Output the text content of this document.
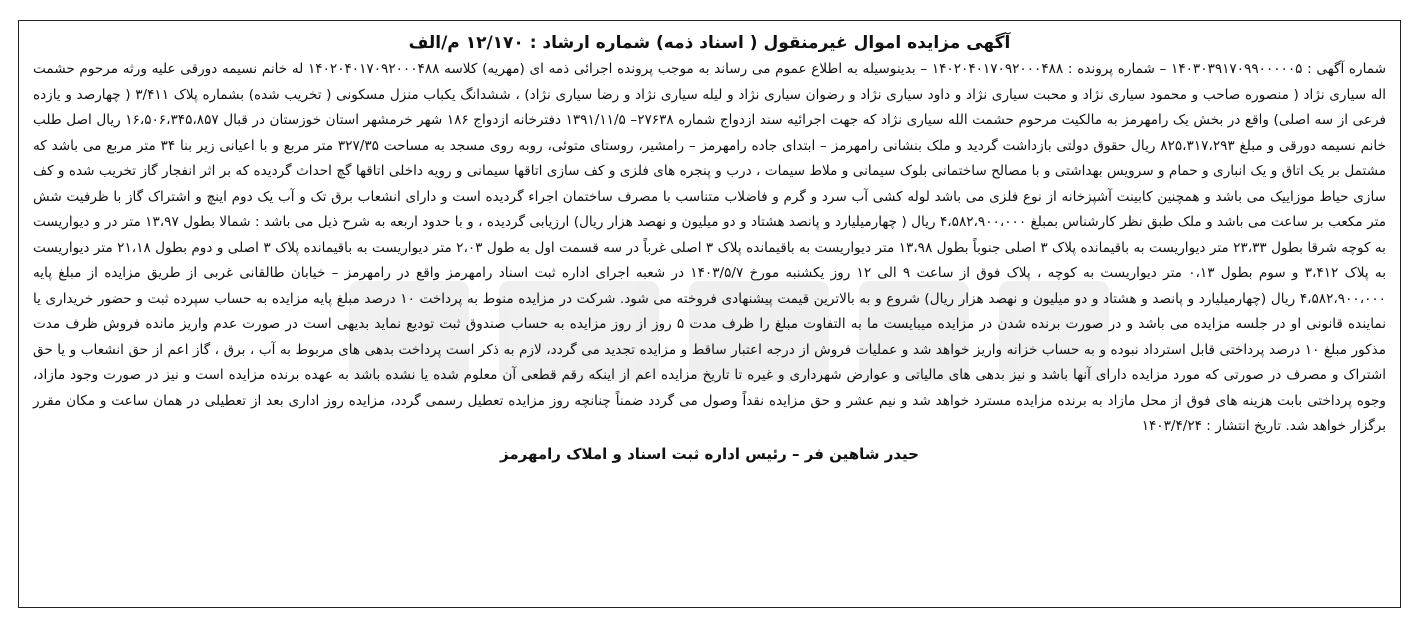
آگهی مزایده اموال غیرمنقول ( اسناد ذمه) شماره ارشاد : ۱۲/۱۷۰ م/الف

شماره آگهی : ۱۴۰۳۰۳۹۱۷۰۹۹۰۰۰۰۰۵ – شماره پرونده : ۱۴۰۲۰۴۰۱۷۰۹۲۰۰۰۴۸۸ – بدینوسیله به اطلاع عموم می رساند به موجب پرونده اجرائی ذمه ای (مهریه) کلاسه ۱۴۰۲۰۴۰۱۷۰۹۲۰۰۰۴۸۸ له خانم نسیمه دورقی علیه ورثه مرحوم حشمت اله سیاری نژاد ( منصوره صاحب و محمود سیاری نژاد و محبت سیاری نژاد و داود سیاری نژاد و رضوان سیاری نژاد و لیله سیاری نژاد و رضا سیاری نژاد) ، ششدانگ یکباب منزل مسکونی ( تخریب شده) بشماره پلاک ۳/۴۱۱ ( چهارصد و یازده فرعی از سه اصلی) واقع در بخش یک رامهرمز به مالکیت مرحوم حشمت الله سیاری نژاد که جهت اجرائیه سند ازدواج شماره ۲۷۶۳۸– ۱۳۹۱/۱۱/۵ دفترخانه ازدواج ۱۸۶ شهر خرمشهر استان خوزستان در قبال ۱۶،۵۰۶،۳۴۵،۸۵۷ ریال اصل طلب خانم نسیمه دورقی و مبلغ ۸۲۵،۳۱۷،۲۹۳ ریال حقوق دولتی بازداشت گردید و ملک بنشانی رامهرمز – ابتدای جاده رامهرمز – رامشیر، روستای متوئی، روبه روی مسجد به مساحت ۳۲۷/۳۵ متر مربع و با اعیانی زیر بنا ۳۴ متر مربع می باشد که مشتمل بر یک اتاق و یک انباری و حمام و سرویس بهداشتی و با مصالح ساختمانی بلوک سیمانی و ملاط سیمات ، درب و پنجره های فلزی و کف سازی اتاقها سیمانی و رویه داخلی اتاقها گچ احداث گردیده که بر اثر انفجار گاز تخریب شده و کف سازی حیاط موزاییک می باشد و همچنین کابینت آشپزخانه از نوع فلزی می باشد لوله کشی آب سرد و گرم و فاضلاب متناسب با مصرف ساختمان اجراء گردیده است و دارای انشعاب برق تک و آب یک دوم اینچ و اشتراک گاز با ظرفیت شش متر مکعب بر ساعت می باشد و ملک طبق نظر کارشناس بمبلغ ۴،۵۸۲،۹۰۰،۰۰۰ ریال ( چهارمیلیارد و پانصد هشتاد و دو میلیون و نهصد هزار ریال) ارزیابی گردیده ، و با حدود اربعه به شرح ذیل می باشد : شمالا بطول ۱۳،۹۷ متر در و دیواریست به کوچه شرقا بطول ۲۳،۳۳ متر دیواریست به باقیمانده پلاک ۳ اصلی جنوباً بطول ۱۳،۹۸ متر دیواریست به باقیمانده پلاک ۳ اصلی غرباً در سه قسمت اول به طول ۲،۰۳ متر دیواریست به باقیمانده پلاک ۳ اصلی و دوم بطول ۲۱،۱۸ متر دیواریست به پلاک ۳،۴۱۲ و سوم بطول ۰،۱۳ متر دیواریست به کوچه ، پلاک فوق از ساعت ۹ الی ۱۲ روز یکشنبه مورخ ۱۴۰۳/۵/۷ در شعبه اجرای اداره ثبت اسناد رامهرمز واقع در رامهرمز – خیابان طالقانی غربی از طریق مزایده از مبلغ پایه ۴،۵۸۲،۹۰۰،۰۰۰ ریال (چهارمیلیارد و پانصد و هشتاد و دو میلیون و نهصد هزار ریال) شروع و به بالاترین قیمت پیشنهادی فروخته می شود. شرکت در مزایده منوط به پرداخت ۱۰ درصد مبلغ پایه مزایده به حساب سپرده ثبت و حضور خریداری یا نماینده قانونی او در جلسه مزایده می باشد و در صورت برنده شدن در مزایده میبایست ما به التفاوت مبلغ را ظرف مدت ۵ روز از روز مزایده به حساب صندوق ثبت تودیع نماید بدیهی است در صورت عدم واریز مانده فروش ظرف مدت مذکور مبلغ ۱۰ درصد پرداختی قابل استرداد نبوده و به حساب خزانه واریز خواهد شد و عملیات فروش از درجه اعتبار ساقط و مزایده تجدید می گردد، لازم به ذکر است پرداخت بدهی های مربوط به آب ، برق ، گاز اعم از حق انشعاب و یا حق اشتراک و مصرف در صورتی که مورد مزایده دارای آنها باشد و نیز بدهی های مالیاتی و عوارض شهرداری و غیره تا تاریخ مزایده اعم از اینکه رقم قطعی آن معلوم شده یا نشده باشد به عهده برنده مزایده است و نیز در صورت وجود مازاد، وجوه پرداختی بابت هزینه های فوق از محل مازاد به برنده مزایده مسترد خواهد شد و نیم عشر و حق مزایده نقداً وصول می گردد ضمناً چنانچه روز مزایده تعطیل رسمی گردد، مزایده روز اداری بعد از تعطیلی در همان ساعت و مکان مقرر برگزار خواهد شد. تاریخ انتشار : ۱۴۰۳/۴/۲۴

حیدر شاهین فر – رئیس اداره ثبت اسناد و املاک رامهرمز
